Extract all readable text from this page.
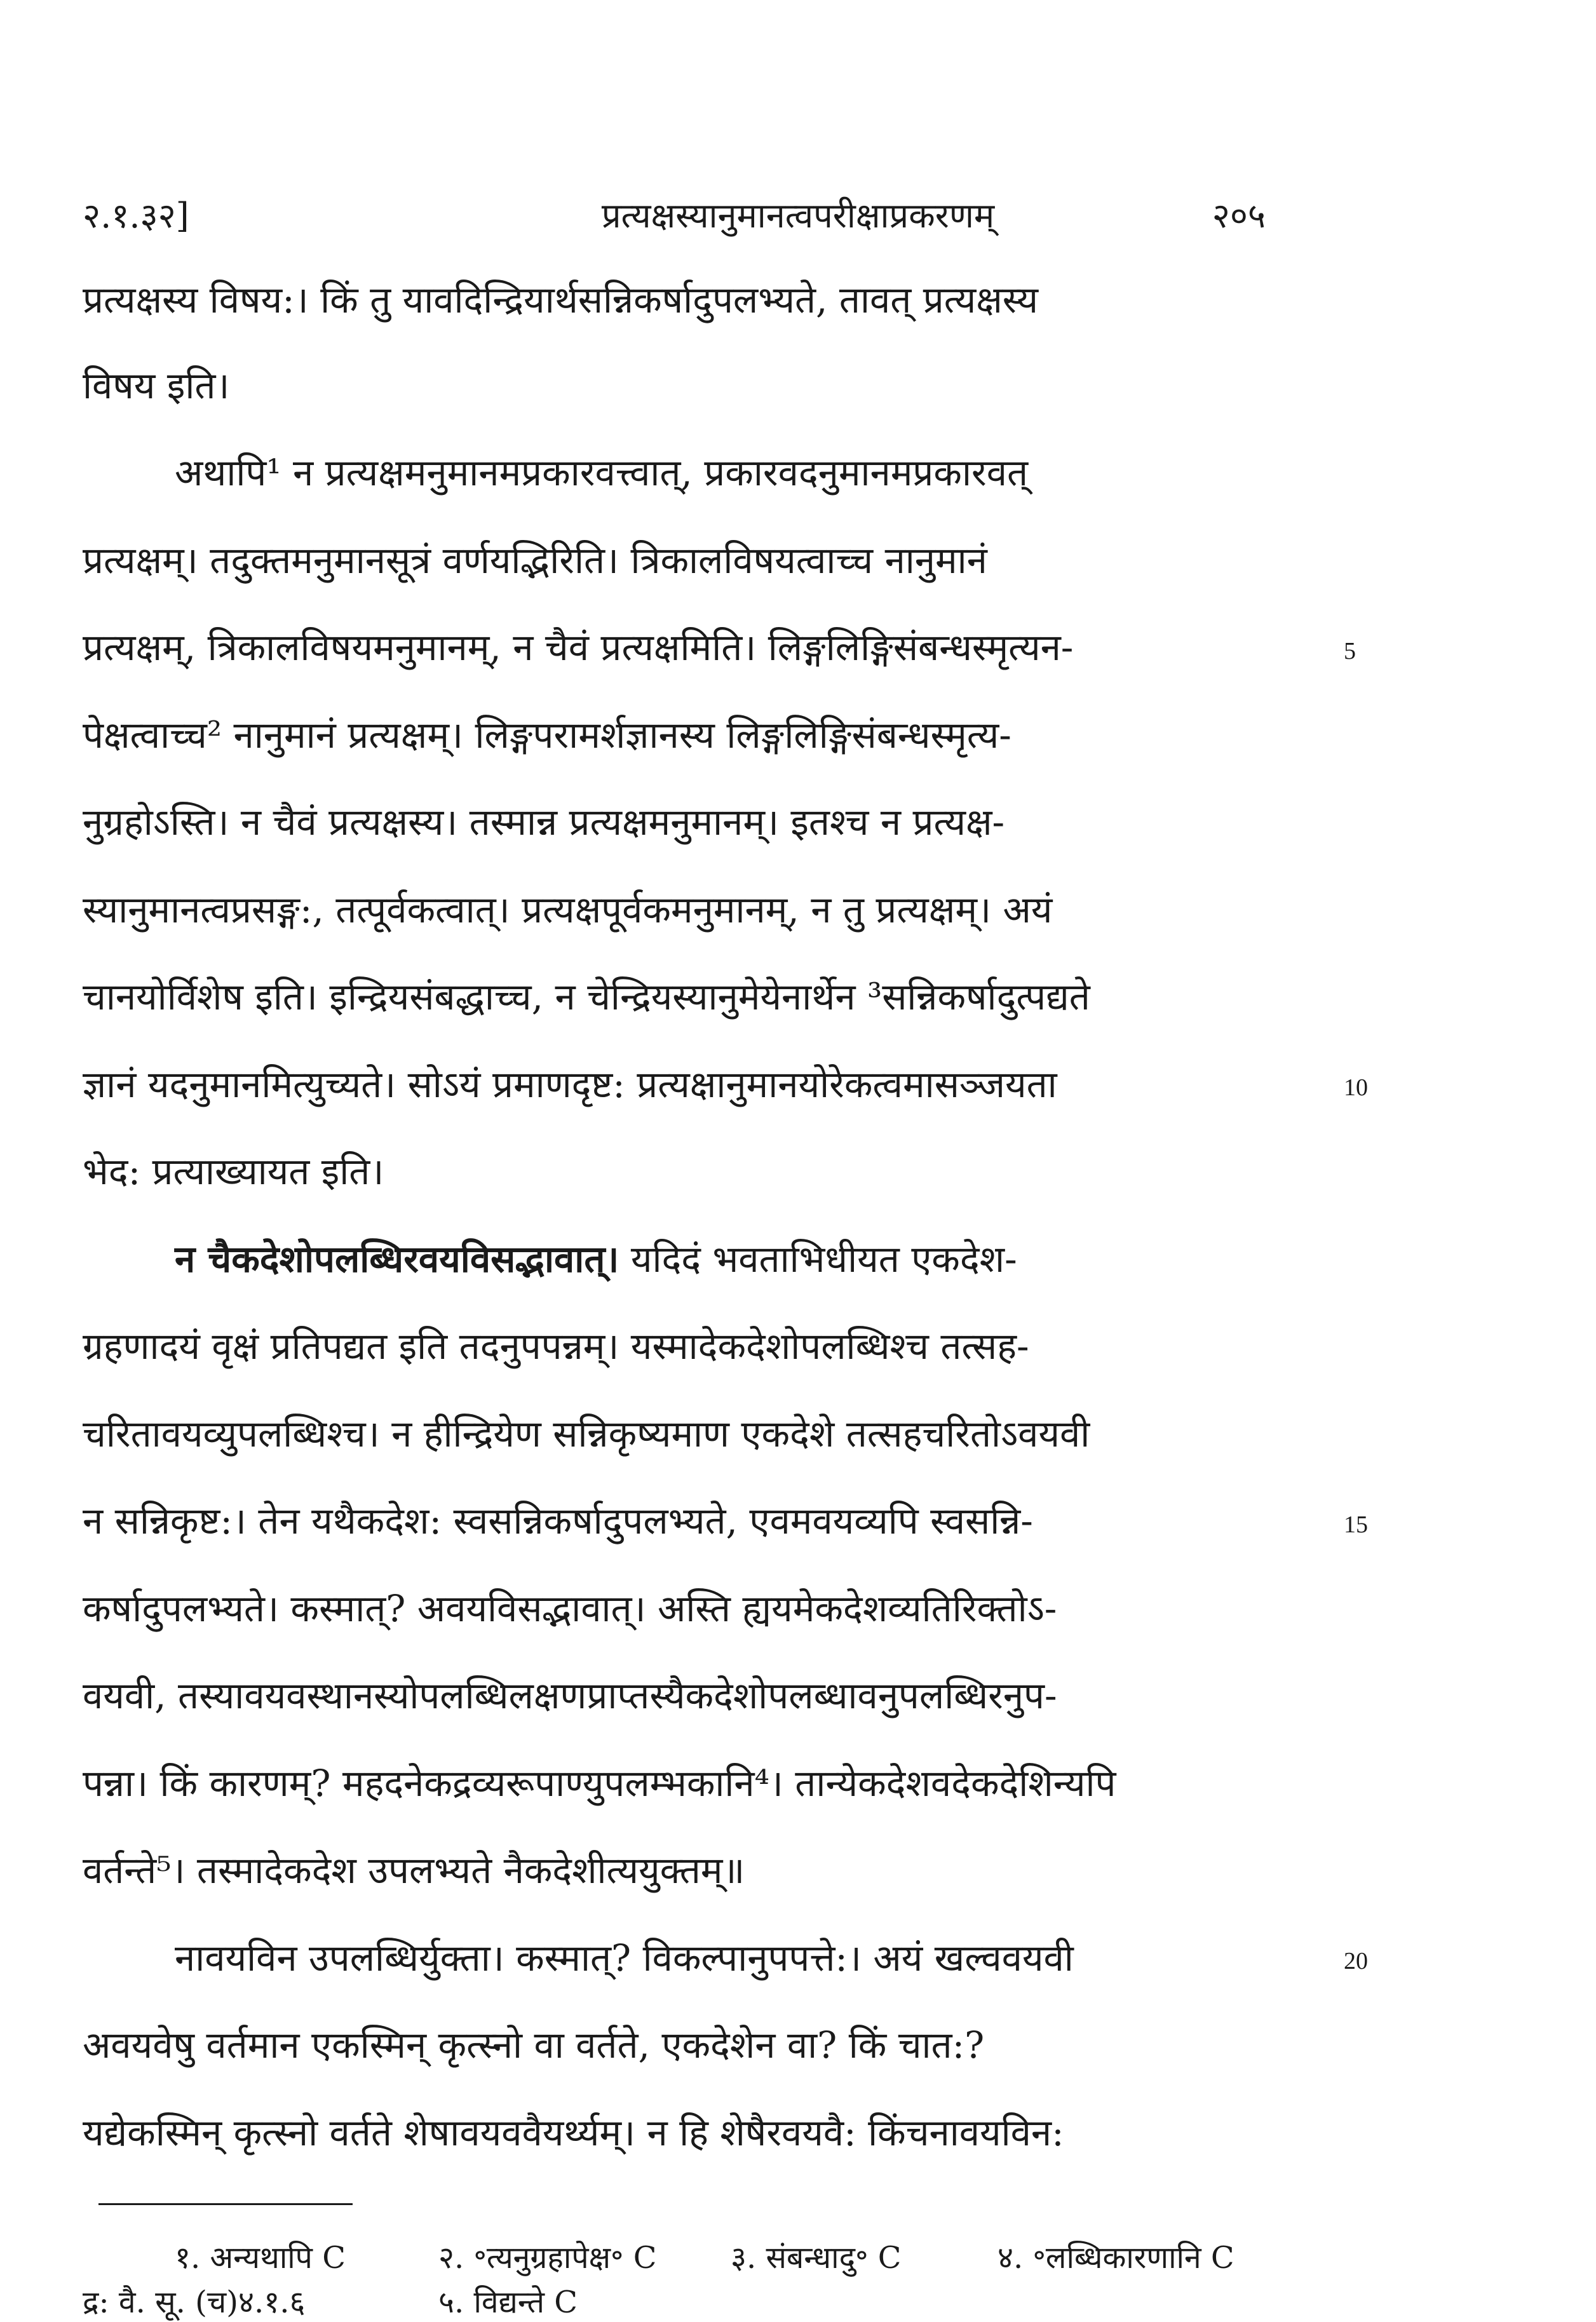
२.१.३२]	प्रत्यक्षस्यानुमानत्वपरीक्षाप्रकरणम्	२०५
प्रत्यक्षस्य विषय:। किं तु यावदिन्द्रियार्थसन्निकर्षादुपलभ्यते, तावत् प्रत्यक्षस्य
विषय इति।
अथापि¹ न प्रत्यक्षमनुमानमप्रकारवत्त्वात्, प्रकारवदनुमानमप्रकारवत्
प्रत्यक्षम्। तदुक्तमनुमानसूत्रं वर्णयद्भिरिति। त्रिकालविषयत्वाच्च नानुमानं
प्रत्यक्षम्, त्रिकालविषयमनुमानम्, न चैवं प्रत्यक्षमिति। लिङ्गलिङ्गिसंबन्धस्मृत्यन-	5
पेक्षत्वाच्च² नानुमानं प्रत्यक्षम्। लिङ्गपरामर्शज्ञानस्य लिङ्गलिङ्गिसंबन्धस्मृत्य-
नुग्रहोऽस्ति। न चैवं प्रत्यक्षस्य। तस्मान्न प्रत्यक्षमनुमानम्। इतश्च न प्रत्यक्ष-
स्यानुमानत्वप्रसङ्ग:, तत्पूर्वकत्वात्। प्रत्यक्षपूर्वकमनुमानम्, न तु प्रत्यक्षम्। अयं
चानयोर्विशेष इति। इन्द्रियसंबद्धाच्च, न चेन्द्रियस्यानुमेयेनार्थेन ³सन्निकर्षादुत्पद्यते
ज्ञानं यदनुमानमित्युच्यते। सोऽयं प्रमाणदृष्ट: प्रत्यक्षानुमानयोरेकत्वमासञ्जयता	10
भेद: प्रत्याख्यायत इति।
न चैकदेशोपलब्धिरवयविसद्भावात्। यदिदं भवताभिधीयत एकदेश-
ग्रहणादयं वृक्षं प्रतिपद्यत इति तदनुपपन्नम्। यस्मादेकदेशोपलब्धिश्च तत्सह-
चरितावयव्युपलब्धिश्च। न हीन्द्रियेण सन्निकृष्यमाण एकदेशे तत्सहचरितोऽवयवी
न सन्निकृष्ट:। तेन यथैकदेश: स्वसन्निकर्षादुपलभ्यते, एवमवयव्यपि स्वसन्नि-	15
कर्षादुपलभ्यते। कस्मात्? अवयविसद्भावात्। अस्ति ह्ययमेकदेशव्यतिरिक्तोऽ-
वयवी, तस्यावयवस्थानस्योपलब्धिलक्षणप्राप्तस्यैकदेशोपलब्धावनुपलब्धिरनुप-
पन्ना। किं कारणम्? महदनेकद्रव्यरूपाण्युपलम्भकानि⁴। तान्येकदेशवदेकदेशिन्यपि
वर्तन्ते⁵। तस्मादेकदेश उपलभ्यते नैकदेशीत्ययुक्तम्॥
नावयविन उपलब्धिर्युक्ता। कस्मात्? विकल्पानुपपत्ते:। अयं खल्ववयवी	20
अवयवेषु वर्तमान एकस्मिन् कृत्स्नो वा वर्तते, एकदेशेन वा? किं चात:?
यद्येकस्मिन् कृत्स्नो वर्तते शेषावयववैयर्थ्यम्। न हि शेषैरवयवै: किंचनावयविन:
१. अन्यथापि C	२. ॰त्यनुग्रहापेक्ष॰ C ३. संबन्धादु॰ C	४. ॰लब्धिकारणानि C
द्र: वै. सू. (च)४.१.६	५. विद्यन्ते C
